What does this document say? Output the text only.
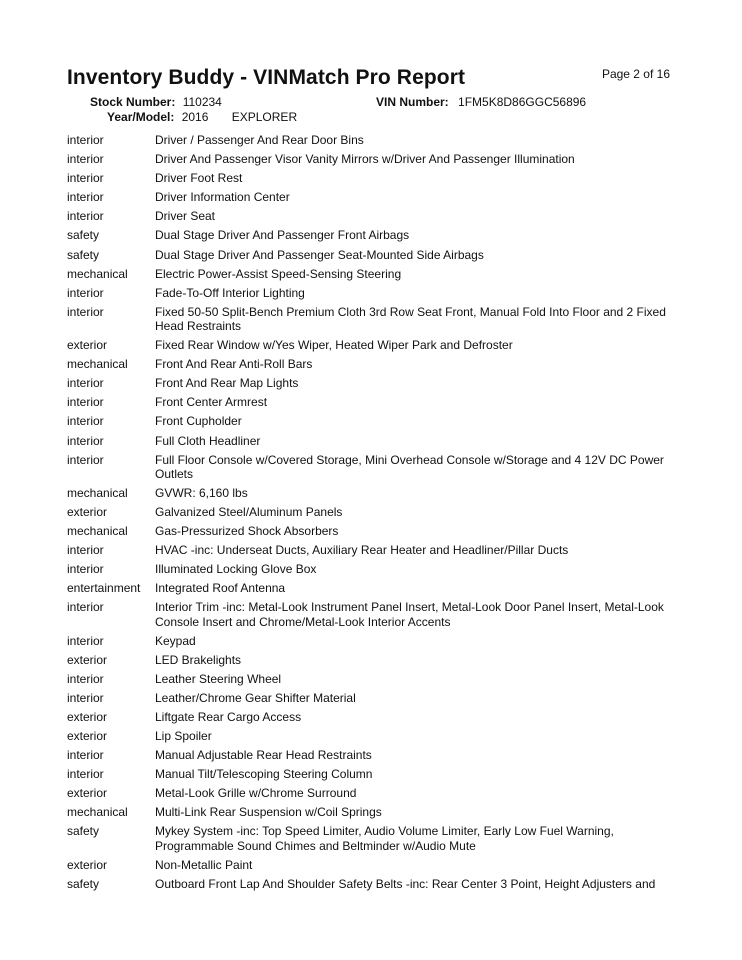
Inventory Buddy - VINMatch Pro Report	Page 2 of 16
Stock Number: 110234	VIN Number: 1FM5K8D86GGC56896
Year/Model: 2016 EXPLORER
interior	Driver / Passenger And Rear Door Bins
interior	Driver And Passenger Visor Vanity Mirrors w/Driver And Passenger Illumination
interior	Driver Foot Rest
interior	Driver Information Center
interior	Driver Seat
safety	Dual Stage Driver And Passenger Front Airbags
safety	Dual Stage Driver And Passenger Seat-Mounted Side Airbags
mechanical	Electric Power-Assist Speed-Sensing Steering
interior	Fade-To-Off Interior Lighting
interior	Fixed 50-50 Split-Bench Premium Cloth 3rd Row Seat Front, Manual Fold Into Floor and 2 Fixed Head Restraints
exterior	Fixed Rear Window w/Yes Wiper, Heated Wiper Park and Defroster
mechanical	Front And Rear Anti-Roll Bars
interior	Front And Rear Map Lights
interior	Front Center Armrest
interior	Front Cupholder
interior	Full Cloth Headliner
interior	Full Floor Console w/Covered Storage, Mini Overhead Console w/Storage and 4 12V DC Power Outlets
mechanical	GVWR: 6,160 lbs
exterior	Galvanized Steel/Aluminum Panels
mechanical	Gas-Pressurized Shock Absorbers
interior	HVAC -inc: Underseat Ducts, Auxiliary Rear Heater and Headliner/Pillar Ducts
interior	Illuminated Locking Glove Box
entertainment	Integrated Roof Antenna
interior	Interior Trim -inc: Metal-Look Instrument Panel Insert, Metal-Look Door Panel Insert, Metal-Look Console Insert and Chrome/Metal-Look Interior Accents
interior	Keypad
exterior	LED Brakelights
interior	Leather Steering Wheel
interior	Leather/Chrome Gear Shifter Material
exterior	Liftgate Rear Cargo Access
exterior	Lip Spoiler
interior	Manual Adjustable Rear Head Restraints
interior	Manual Tilt/Telescoping Steering Column
exterior	Metal-Look Grille w/Chrome Surround
mechanical	Multi-Link Rear Suspension w/Coil Springs
safety	Mykey System -inc: Top Speed Limiter, Audio Volume Limiter, Early Low Fuel Warning, Programmable Sound Chimes and Beltminder w/Audio Mute
exterior	Non-Metallic Paint
safety	Outboard Front Lap And Shoulder Safety Belts -inc: Rear Center 3 Point, Height Adjusters and
